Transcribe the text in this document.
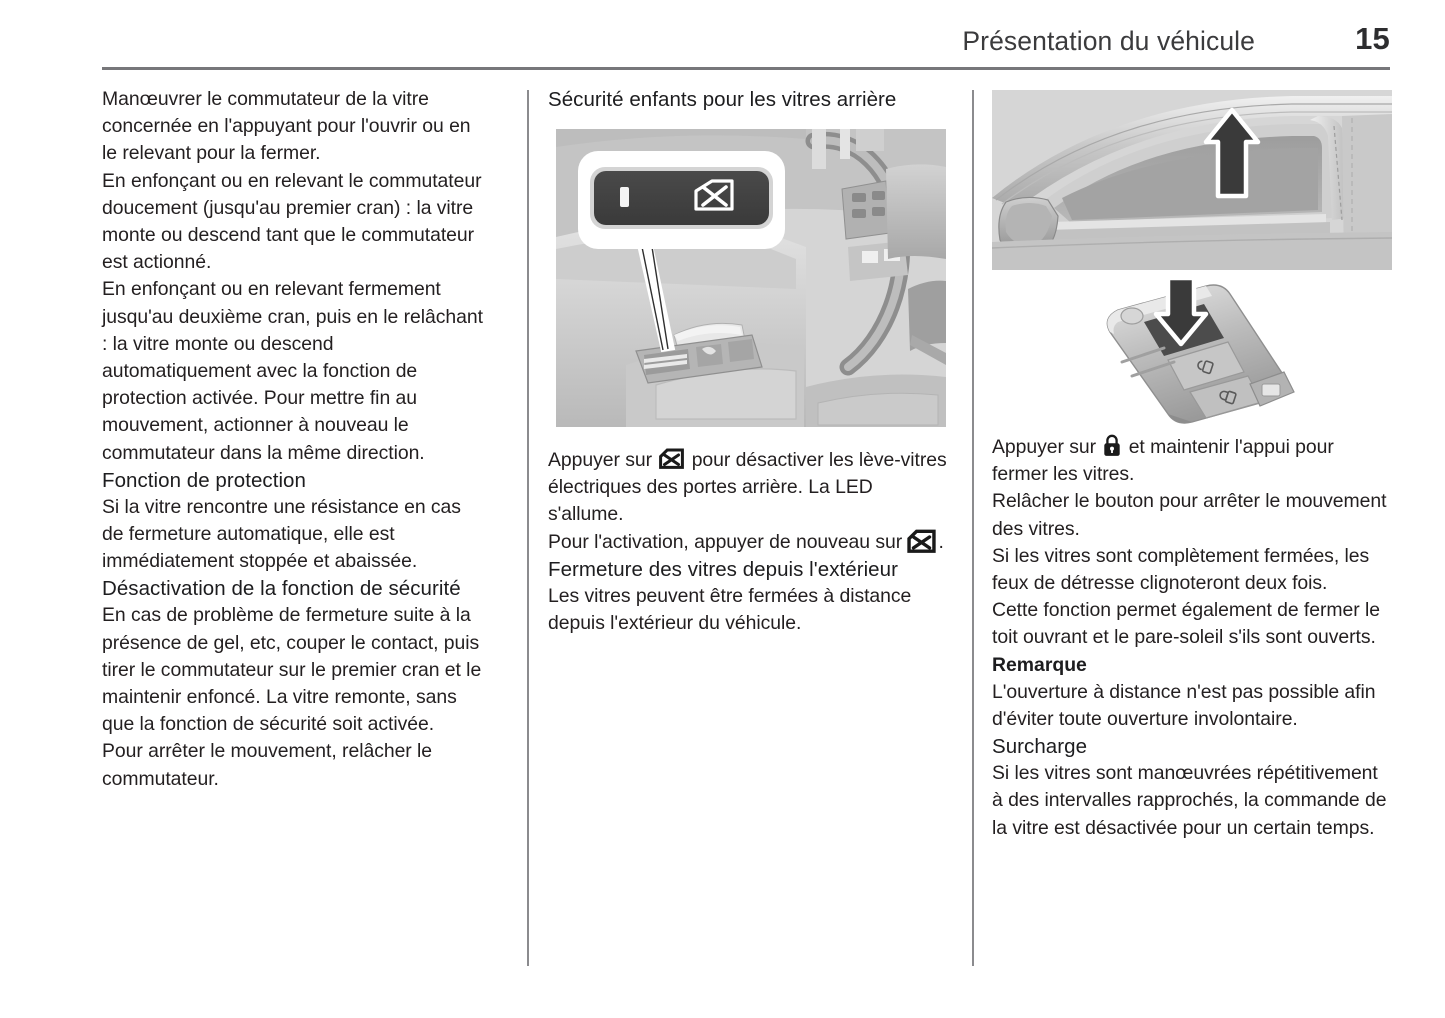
Présentation du véhicule	15

Manœuvrer le commutateur de la vitre concernée en l'appuyant pour l'ouvrir ou en le relevant pour la fermer.

En enfonçant ou en relevant le commutateur doucement (jusqu'au premier cran) : la vitre monte ou descend tant que le commutateur est actionné.

En enfonçant ou en relevant fermement jusqu'au deuxième cran, puis en le relâchant : la vitre monte ou descend automatiquement avec la fonction de protection activée. Pour mettre fin au mouvement, actionner à nouveau le commutateur dans la même direction.

Fonction de protection

Si la vitre rencontre une résistance en cas de fermeture automatique, elle est immédiatement stoppée et abaissée.

Désactivation de la fonction de sécurité

En cas de problème de fermeture suite à la présence de gel, etc, couper le contact, puis tirer le commutateur sur le premier cran et le maintenir enfoncé. La vitre remonte, sans que la fonction de sécurité soit activée.

Pour arrêter le mouvement, relâcher le commutateur.

Sécurité enfants pour les vitres arrière

Appuyer sur pour désactiver les lève-vitres électriques des portes arrière. La LED s'allume.

Pour l'activation, appuyer de nouveau sur .

Fermeture des vitres depuis l'extérieur

Les vitres peuvent être fermées à distance depuis l'extérieur du véhicule.

Appuyer sur et maintenir l'appui pour fermer les vitres.

Relâcher le bouton pour arrêter le mouvement des vitres.

Si les vitres sont complètement fermées, les feux de détresse clignoteront deux fois.

Cette fonction permet également de fermer le toit ouvrant et le pare-soleil s'ils sont ouverts.

Remarque

L'ouverture à distance n'est pas possible afin d'éviter toute ouverture involontaire.

Surcharge

Si les vitres sont manœuvrées répétitivement à des intervalles rapprochés, la commande de la vitre est désactivée pour un certain temps.
